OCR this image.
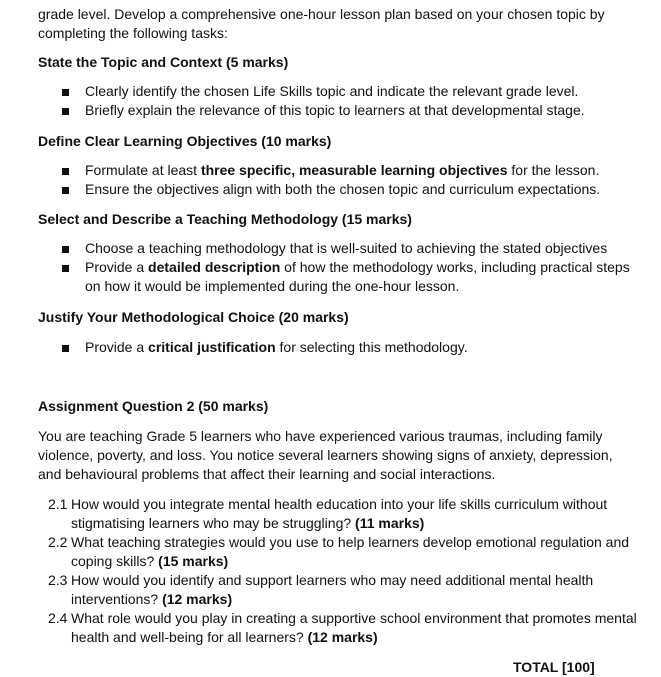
grade level. Develop a comprehensive one-hour lesson plan based on your chosen topic by
completing the following tasks:
State the Topic and Context (5 marks)
Clearly identify the chosen Life Skills topic and indicate the relevant grade level.
Briefly explain the relevance of this topic to learners at that developmental stage.
Define Clear Learning Objectives (10 marks)
Formulate at least three specific, measurable learning objectives for the lesson.
Ensure the objectives align with both the chosen topic and curriculum expectations.
Select and Describe a Teaching Methodology (15 marks)
Choose a teaching methodology that is well-suited to achieving the stated objectives
Provide a detailed description of how the methodology works, including practical steps on how it would be implemented during the one-hour lesson.
Justify Your Methodological Choice (20 marks)
Provide a critical justification for selecting this methodology.
Assignment Question 2 (50 marks)
You are teaching Grade 5 learners who have experienced various traumas, including family violence, poverty, and loss. You notice several learners showing signs of anxiety, depression, and behavioural problems that affect their learning and social interactions.
2.1 How would you integrate mental health education into your life skills curriculum without stigmatising learners who may be struggling? (11 marks)
2.2 What teaching strategies would you use to help learners develop emotional regulation and coping skills? (15 marks)
2.3 How would you identify and support learners who may need additional mental health interventions? (12 marks)
2.4 What role would you play in creating a supportive school environment that promotes mental health and well-being for all learners? (12 marks)
TOTAL [100]
